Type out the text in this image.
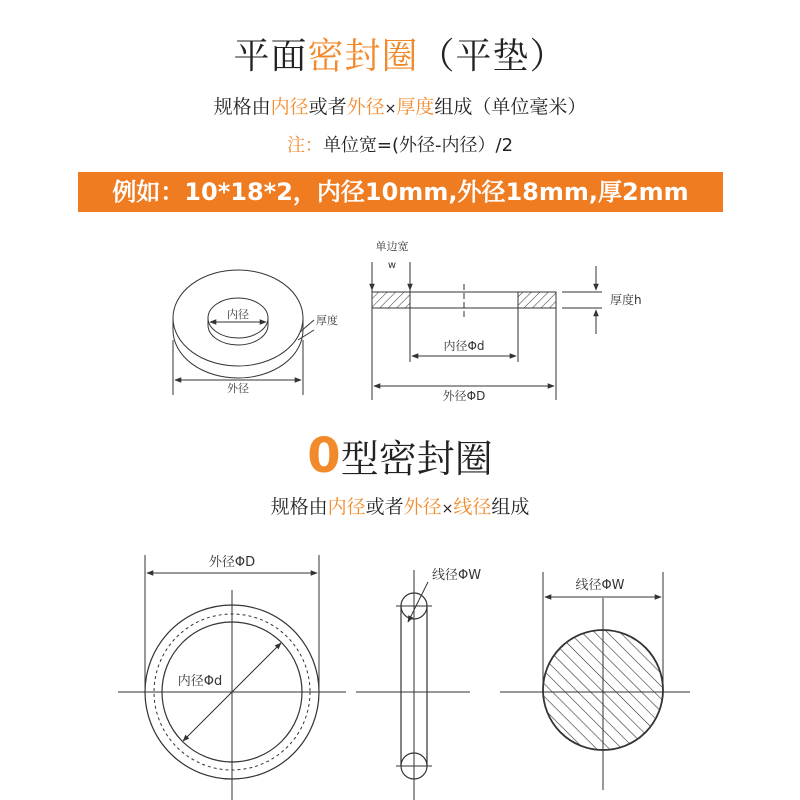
平面密封圈（平垫）
规格由内径或者外径×厚度组成（单位毫米）
注：单位宽=(外径-内径）/2
例如：10*18*2，内径10mm,外径18mm,厚2mm
0型密封圈
规格由内径或者外径×线径组成
内径	厚度
外径
单边宽
w
厚度h
内径Φd
外径ΦD
外径ΦD
内径Φd
线径ΦW
线径ΦW
